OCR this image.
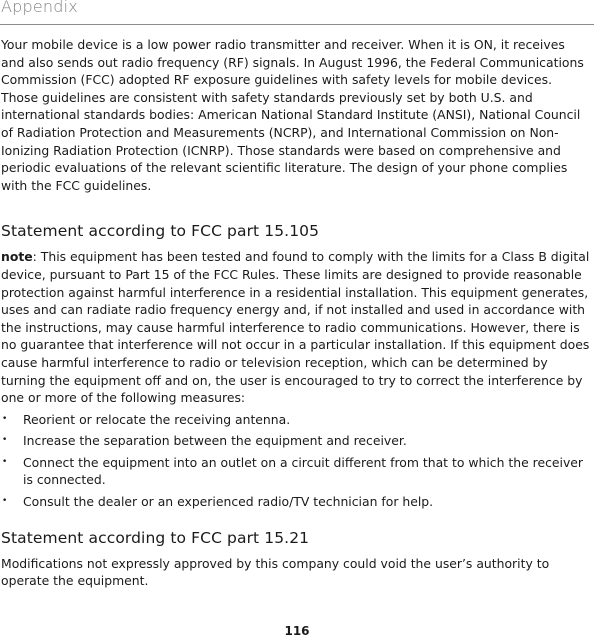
Appendix

Your mobile device is a low power radio transmitter and receiver. When it is ON, it receives and also sends out radio frequency (RF) signals. In August 1996, the Federal Communications Commission (FCC) adopted RF exposure guidelines with safety levels for mobile devices. Those guidelines are consistent with safety standards previously set by both U.S. and international standards bodies: American National Standard Institute (ANSI), National Council of Radiation Protection and Measurements (NCRP), and International Commission on Non-Ionizing Radiation Protection (ICNRP). Those standards were based on comprehensive and periodic evaluations of the relevant scientific literature. The design of your phone complies with the FCC guidelines.

Statement according to FCC part 15.105

note: This equipment has been tested and found to comply with the limits for a Class B digital device, pursuant to Part 15 of the FCC Rules. These limits are designed to provide reasonable protection against harmful interference in a residential installation. This equipment generates, uses and can radiate radio frequency energy and, if not installed and used in accordance with the instructions, may cause harmful interference to radio communications. However, there is no guarantee that interference will not occur in a particular installation. If this equipment does cause harmful interference to radio or television reception, which can be determined by turning the equipment off and on, the user is encouraged to try to correct the interference by one or more of the following measures:

• Reorient or relocate the receiving antenna.
• Increase the separation between the equipment and receiver.
• Connect the equipment into an outlet on a circuit different from that to which the receiver is connected.
• Consult the dealer or an experienced radio/TV technician for help.
Statement according to FCC part 15.21

Modifications not expressly approved by this company could void the user’s authority to operate the equipment.

116
